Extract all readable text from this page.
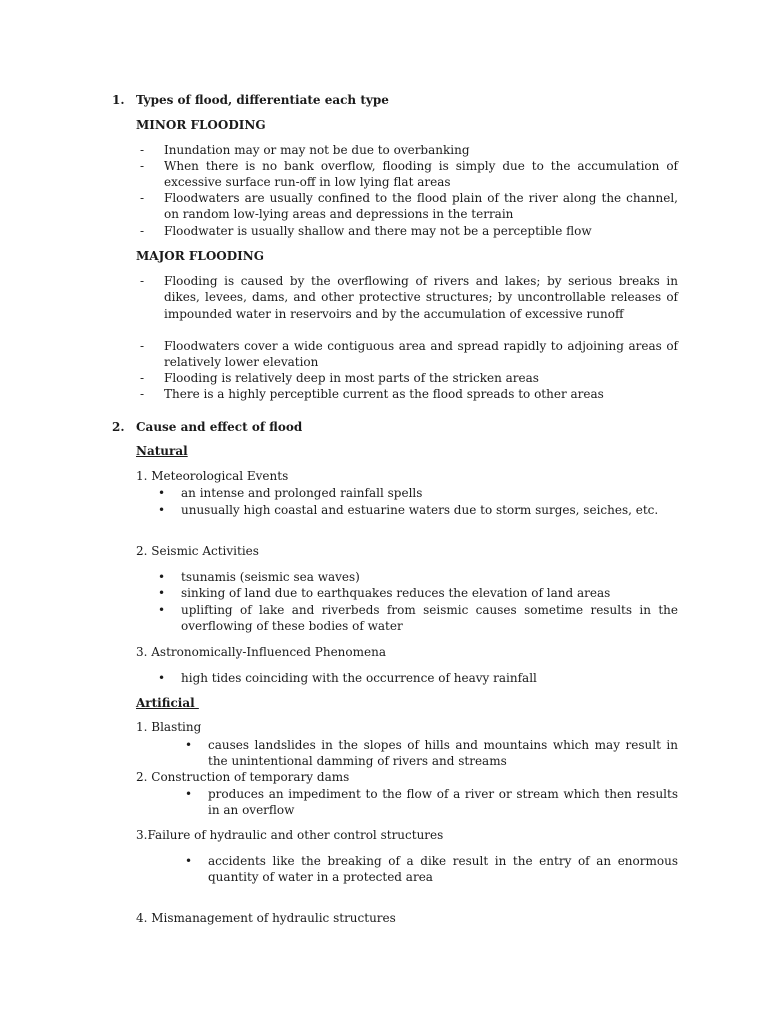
1. Types of flood, differentiate each type
MINOR FLOODING
- Inundation may or may not be due to overbanking
- When there is no bank overflow, flooding is simply due to the accumulation of excessive surface run-off in low lying flat areas
- Floodwaters are usually confined to the flood plain of the river along the channel, on random low-lying areas and depressions in the terrain
- Floodwater is usually shallow and there may not be a perceptible flow
MAJOR FLOODING
- Flooding is caused by the overflowing of rivers and lakes; by serious breaks in dikes, levees, dams, and other protective structures; by uncontrollable releases of impounded water in reservoirs and by the accumulation of excessive runoff
- Floodwaters cover a wide contiguous area and spread rapidly to adjoining areas of relatively lower elevation
- Flooding is relatively deep in most parts of the stricken areas
- There is a highly perceptible current as the flood spreads to other areas
2. Cause and effect of flood
Natural
1. Meteorological Events
• an intense and prolonged rainfall spells
• unusually high coastal and estuarine waters due to storm surges, seiches, etc.
2. Seismic Activities
• tsunamis (seismic sea waves)
• sinking of land due to earthquakes reduces the elevation of land areas
• uplifting of lake and riverbeds from seismic causes sometime results in the overflowing of these bodies of water
3. Astronomically-Influenced Phenomena
• high tides coinciding with the occurrence of heavy rainfall
Artificial
1. Blasting
• causes landslides in the slopes of hills and mountains which may result in the unintentional damming of rivers and streams
2. Construction of temporary dams
• produces an impediment to the flow of a river or stream which then results in an overflow
3.Failure of hydraulic and other control structures
• accidents like the breaking of a dike result in the entry of an enormous quantity of water in a protected area
4. Mismanagement of hydraulic structures
